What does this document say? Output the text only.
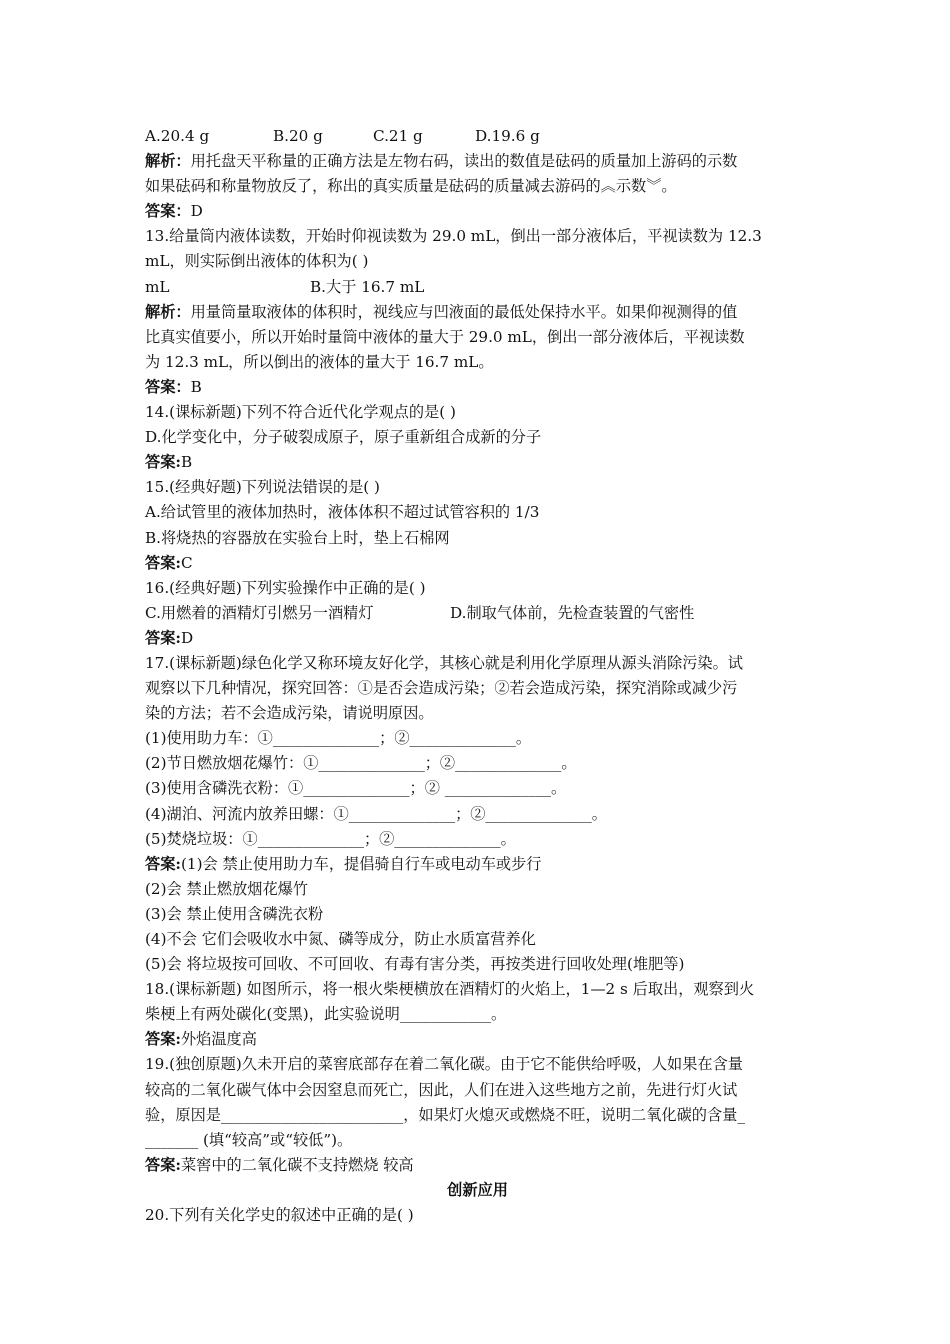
A.20.4 g	B.20 g	C.21 g	D.19.6 g
解析：用托盘天平称量的正确方法是左物右码，读出的数值是砝码的质量加上游码的示数
如果砝码和称量物放反了，称出的真实质量是砝码的质量减去游码的︽示数︾。
答案：D
13.给量筒内液体读数，开始时仰视读数为 29.0 mL，倒出一部分液体后，平视读数为 12.3
mL，则实际倒出液体的体积为( )
mL	B.大于 16.7 mL
解析：用量筒量取液体的体积时，视线应与凹液面的最低处保持水平。如果仰视测得的值
比真实值要小，所以开始时量筒中液体的量大于 29.0 mL，倒出一部分液体后，平视读数
为 12.3 mL，所以倒出的液体的量大于 16.7 mL。
答案：B
14.(课标新题)下列不符合近代化学观点的是( )
D.化学变化中，分子破裂成原子，原子重新组合成新的分子
答案:B
15.(经典好题)下列说法错误的是( )
A.给试管里的液体加热时，液体体积不超过试管容积的 1/3
B.将烧热的容器放在实验台上时，垫上石棉网
答案:C
16.(经典好题)下列实验操作中正确的是( )
C.用燃着的酒精灯引燃另一酒精灯	D.制取气体前，先检查装置的气密性
答案:D
17.(课标新题)绿色化学又称环境友好化学，其核心就是利用化学原理从源头消除污染。试
观察以下几种情况，探究回答：①是否会造成污染；②若会造成污染，探究消除或减少污
染的方法；若不会造成污染，请说明原因。
(1)使用助力车：①______________；②______________。
(2)节日燃放烟花爆竹：①______________；②______________。
(3)使用含磷洗衣粉：①______________；② ______________。
(4)湖泊、河流内放养田螺：①______________；②______________。
(5)焚烧垃圾：①______________；②______________。
答案:(1)会 禁止使用助力车，提倡骑自行车或电动车或步行
(2)会 禁止燃放烟花爆竹
(3)会 禁止使用含磷洗衣粉
(4)不会 它们会吸收水中氮、磷等成分，防止水质富营养化
(5)会 将垃圾按可回收、不可回收、有毒有害分类，再按类进行回收处理(堆肥等)
18.(课标新题) 如图所示，将一根火柴梗横放在酒精灯的火焰上，1—2 s 后取出，观察到火
柴梗上有两处碳化(变黑)，此实验说明____________。
答案:外焰温度高
19.(独创原题)久未开启的菜窖底部存在着二氧化碳。由于它不能供给呼吸，人如果在含量
较高的二氧化碳气体中会因窒息而死亡，因此，人们在进入这些地方之前，先进行灯火试
验，原因是________________________，如果灯火熄灭或燃烧不旺，说明二氧化碳的含量_
_______ (填“较高”或“较低”)。
答案:菜窖中的二氧化碳不支持燃烧 较高
创新应用
20.下列有关化学史的叙述中正确的是( )
